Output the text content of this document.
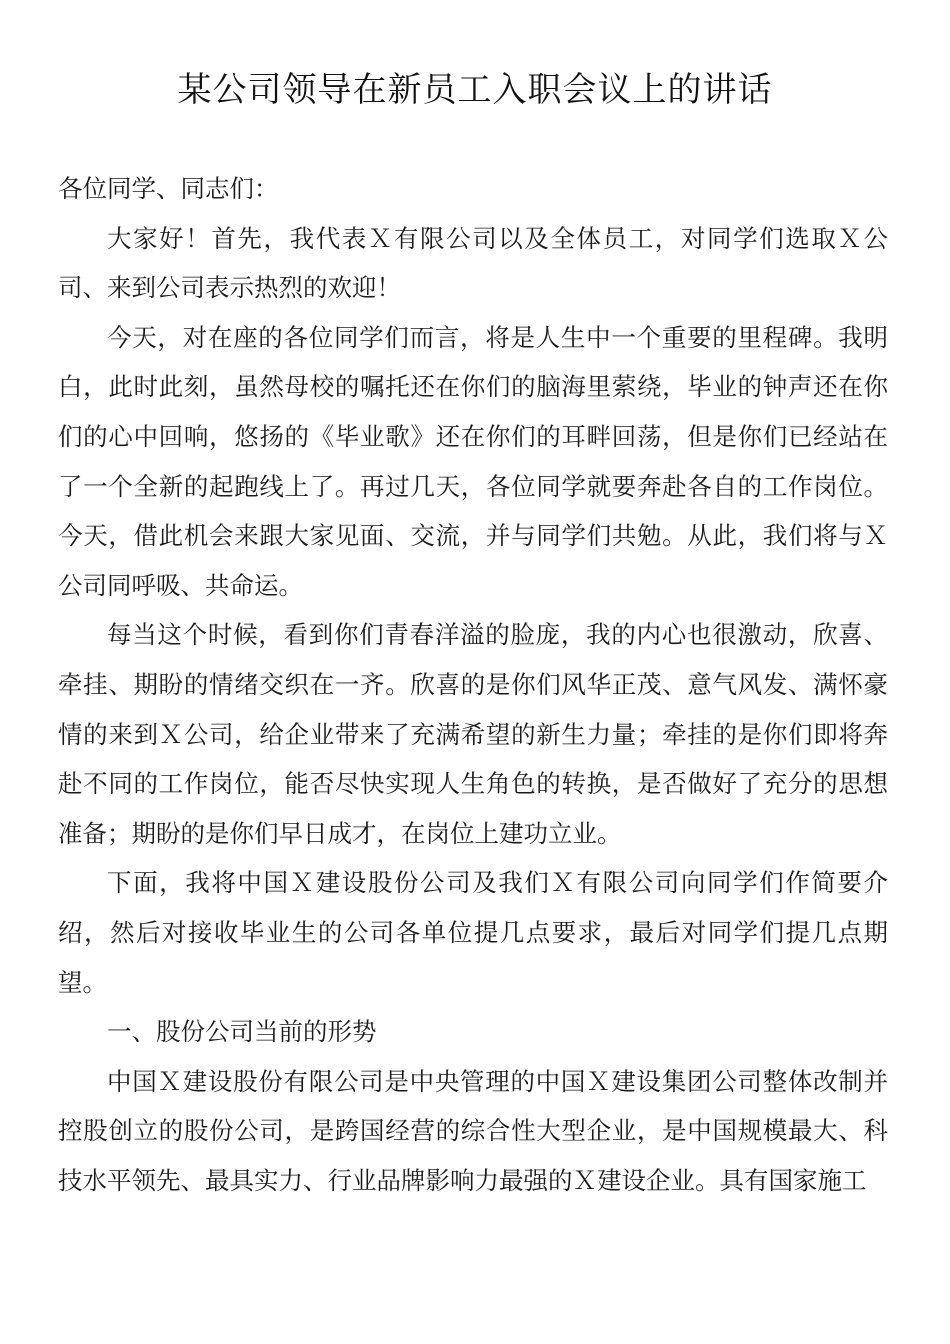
某公司领导在新员工入职会议上的讲话

各位同学、同志们：

大家好！首先，我代表Ｘ有限公司以及全体员工，对同学们选取Ｘ公司、来到公司表示热烈的欢迎！

今天，对在座的各位同学们而言，将是人生中一个重要的里程碑。我明白，此时此刻，虽然母校的嘱托还在你们的脑海里萦绕，毕业的钟声还在你们的心中回响，悠扬的《毕业歌》还在你们的耳畔回荡，但是你们已经站在了一个全新的起跑线上了。再过几天，各位同学就要奔赴各自的工作岗位。今天，借此机会来跟大家见面、交流，并与同学们共勉。从此，我们将与Ｘ公司同呼吸、共命运。

每当这个时候，看到你们青春洋溢的脸庞，我的内心也很激动，欣喜、牵挂、期盼的情绪交织在一齐。欣喜的是你们风华正茂、意气风发、满怀豪情的来到Ｘ公司，给企业带来了充满希望的新生力量；牵挂的是你们即将奔赴不同的工作岗位，能否尽快实现人生角色的转换，是否做好了充分的思想准备；期盼的是你们早日成才，在岗位上建功立业。

下面，我将中国Ｘ建设股份公司及我们Ｘ有限公司向同学们作简要介绍，然后对接收毕业生的公司各单位提几点要求，最后对同学们提几点期望。

一、股份公司当前的形势

中国Ｘ建设股份有限公司是中央管理的中国Ｘ建设集团公司整体改制并控股创立的股份公司，是跨国经营的综合性大型企业，是中国规模最大、科技水平领先、最具实力、行业品牌影响力最强的Ｘ建设企业。具有国家施工
